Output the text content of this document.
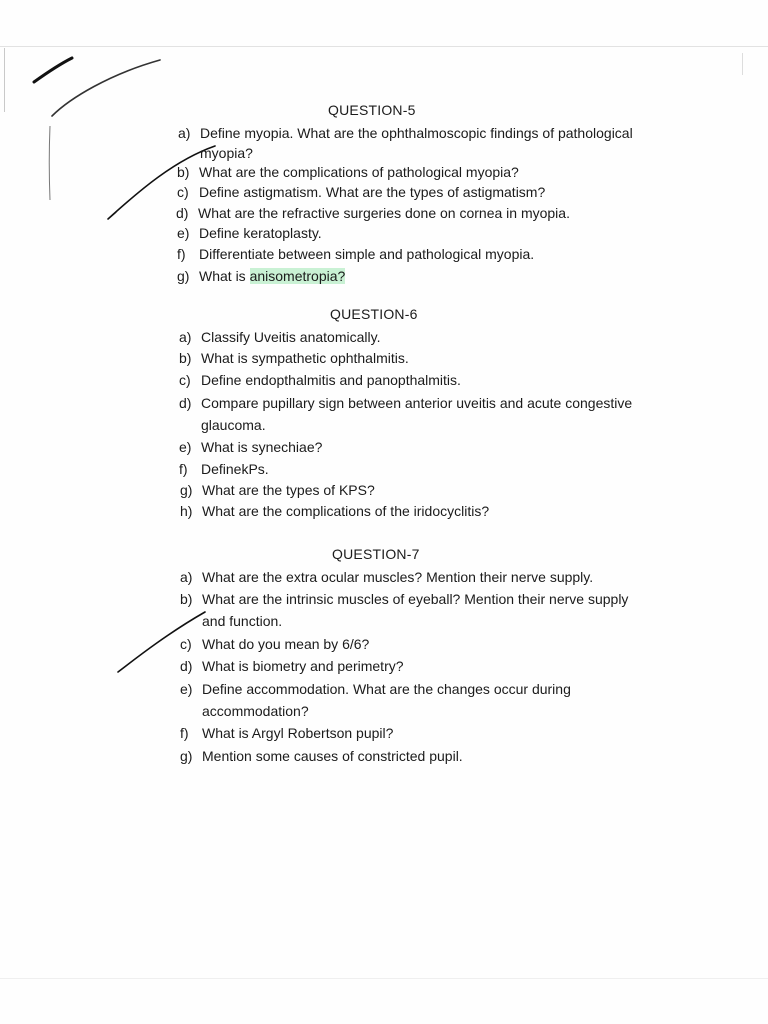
QUESTION-5
a) Define myopia. What are the ophthalmoscopic findings of pathological
myopia?
b) What are the complications of pathological myopia?
c) Define astigmatism. What are the types of astigmatism?
d) What are the refractive surgeries done on cornea in myopia.
e) Define keratoplasty.
f) Differentiate between simple and pathological myopia.
g) What is anisometropia?
QUESTION-6
a) Classify Uveitis anatomically.
b) What is sympathetic ophthalmitis.
c) Define endopthalmitis and panopthalmitis.
d) Compare pupillary sign between anterior uveitis and acute congestive
glaucoma.
e) What is synechiae?
f) DefinekPs.
g) What are the types of KPS?
h) What are the complications of the iridocyclitis?
QUESTION-7
a) What are the extra ocular muscles? Mention their nerve supply.
b) What are the intrinsic muscles of eyeball? Mention their nerve supply
and function.
c) What do you mean by 6/6?
d) What is biometry and perimetry?
e) Define accommodation. What are the changes occur during
accommodation?
f) What is Argyl Robertson pupil?
g) Mention some causes of constricted pupil.
